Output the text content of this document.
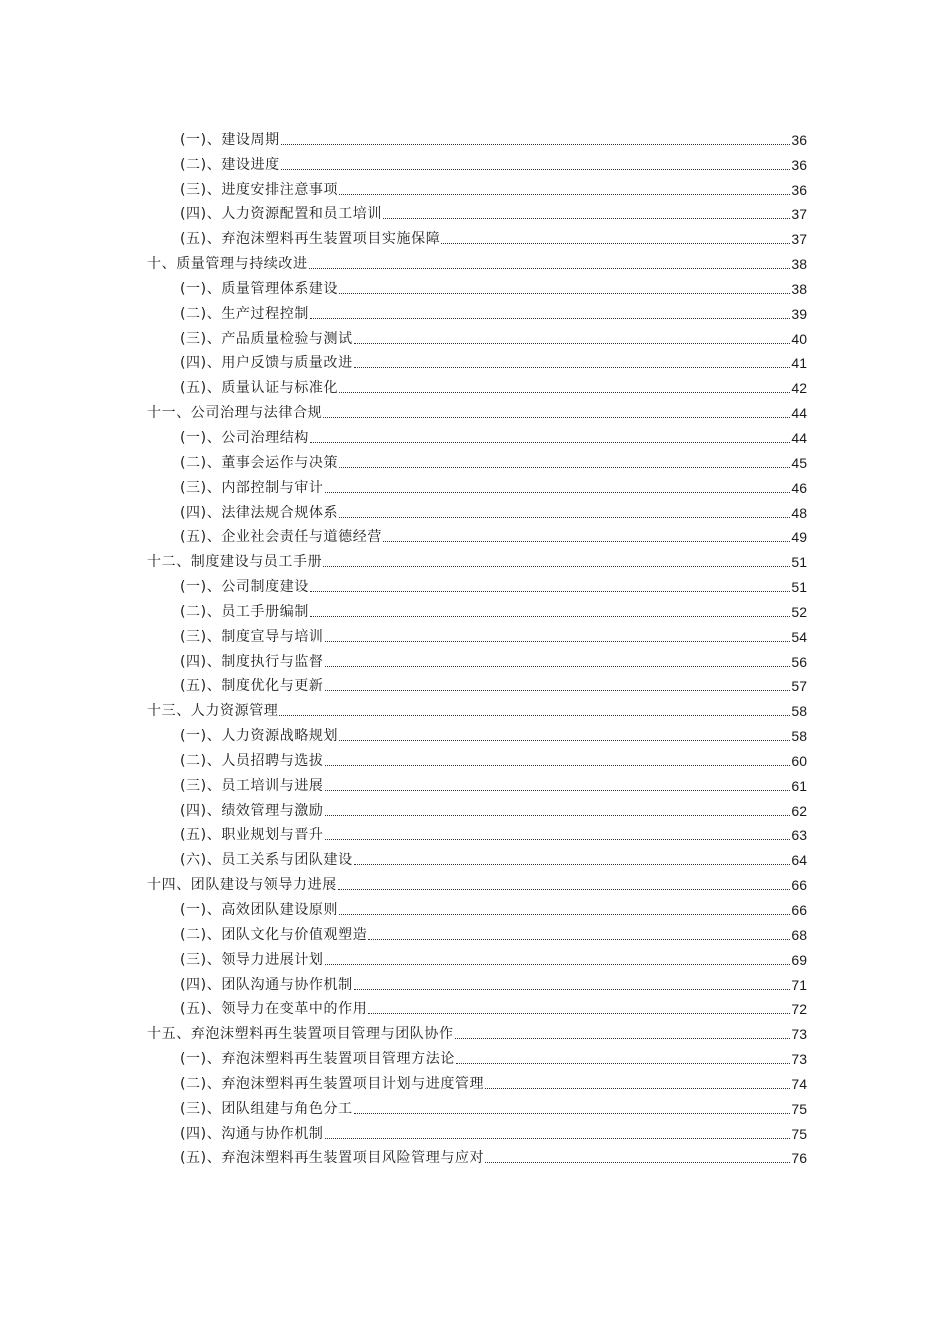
(一)、建设周期	36
(二)、建设进度	36
(三)、进度安排注意事项	36
(四)、人力资源配置和员工培训	37
(五)、弃泡沫塑料再生装置项目实施保障	37
十、质量管理与持续改进	38
(一)、质量管理体系建设	38
(二)、生产过程控制	39
(三)、产品质量检验与测试	40
(四)、用户反馈与质量改进	41
(五)、质量认证与标准化	42
十一、公司治理与法律合规	44
(一)、公司治理结构	44
(二)、董事会运作与决策	45
(三)、内部控制与审计	46
(四)、法律法规合规体系	48
(五)、企业社会责任与道德经营	49
十二、制度建设与员工手册	51
(一)、公司制度建设	51
(二)、员工手册编制	52
(三)、制度宣导与培训	54
(四)、制度执行与监督	56
(五)、制度优化与更新	57
十三、人力资源管理	58
(一)、人力资源战略规划	58
(二)、人员招聘与选拔	60
(三)、员工培训与进展	61
(四)、绩效管理与激励	62
(五)、职业规划与晋升	63
(六)、员工关系与团队建设	64
十四、团队建设与领导力进展	66
(一)、高效团队建设原则	66
(二)、团队文化与价值观塑造	68
(三)、领导力进展计划	69
(四)、团队沟通与协作机制	71
(五)、领导力在变革中的作用	72
十五、弃泡沫塑料再生装置项目管理与团队协作	73
(一)、弃泡沫塑料再生装置项目管理方法论	73
(二)、弃泡沫塑料再生装置项目计划与进度管理	74
(三)、团队组建与角色分工	75
(四)、沟通与协作机制	75
(五)、弃泡沫塑料再生装置项目风险管理与应对	76
